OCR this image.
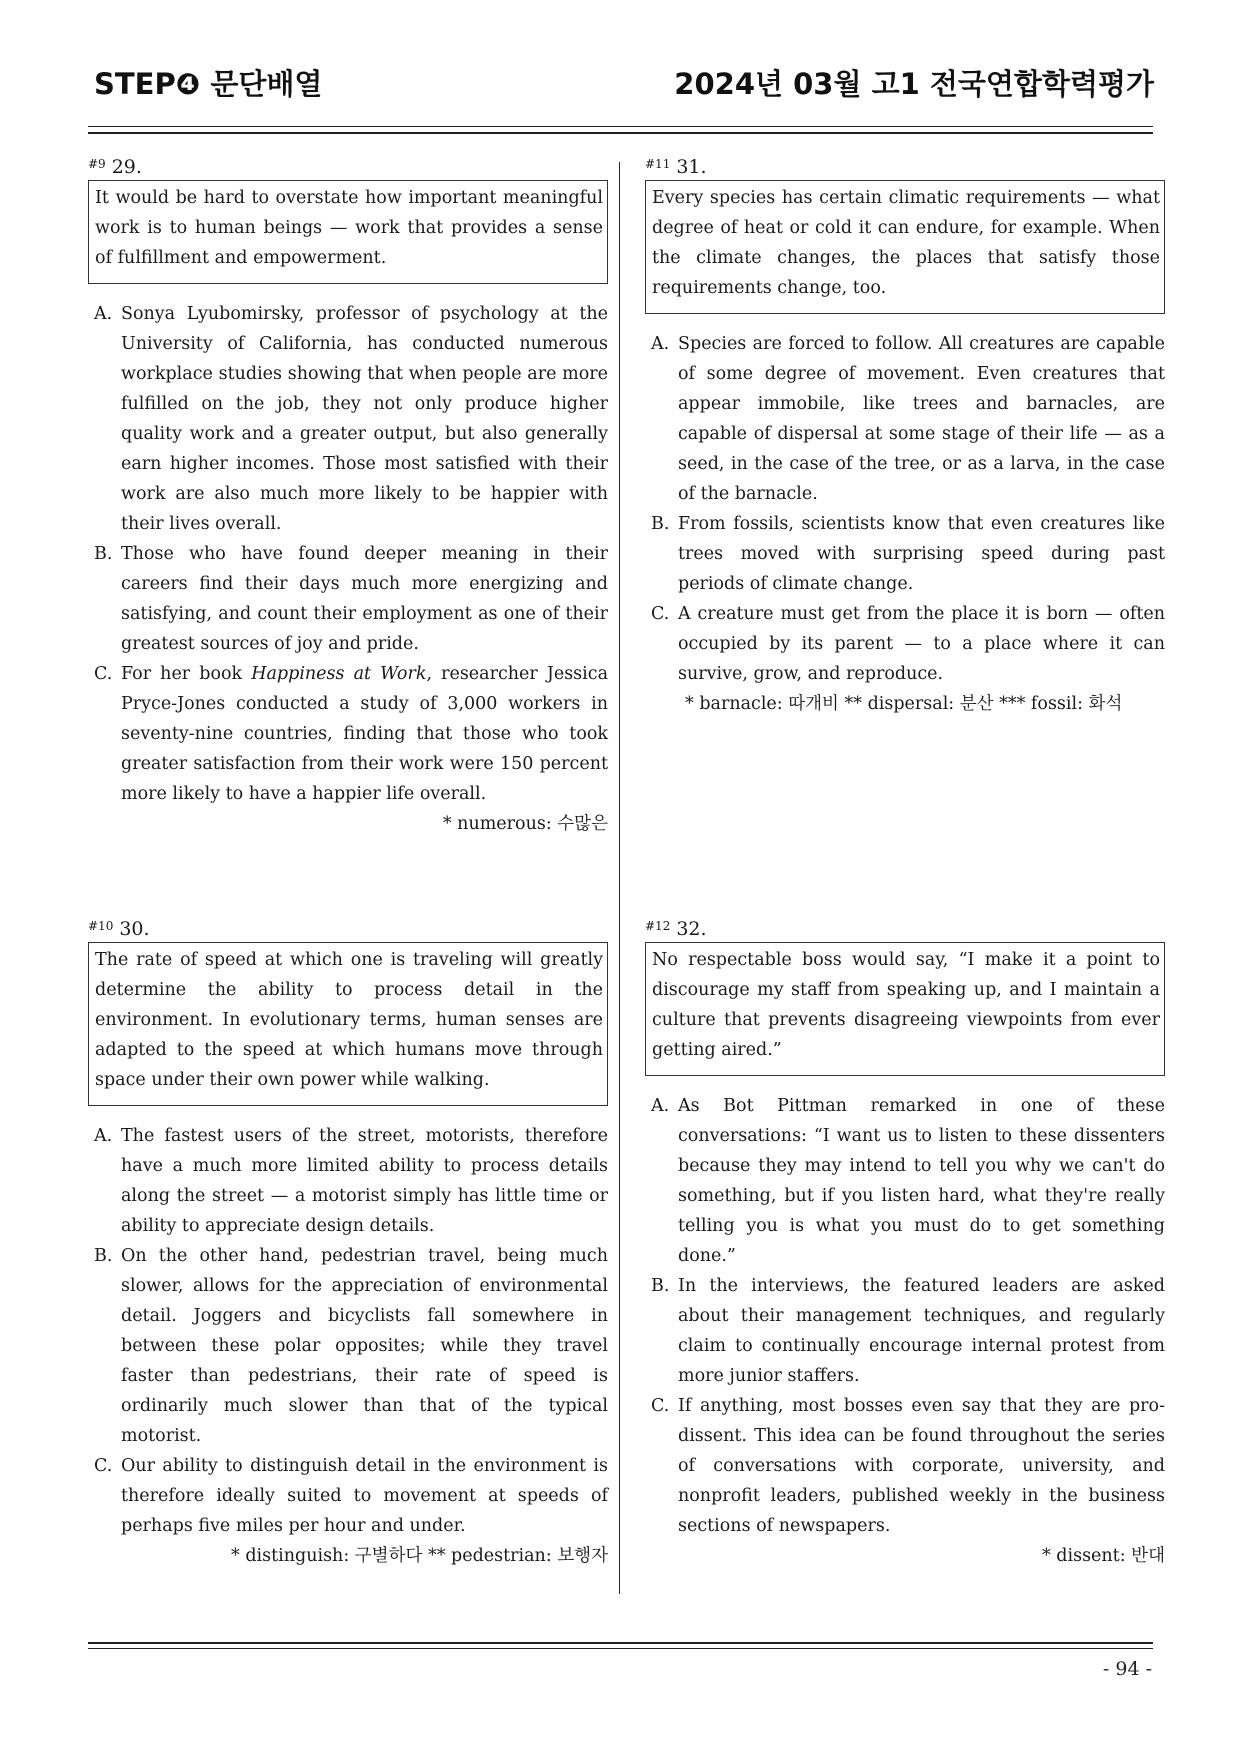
STEP❹ 문단배열	2024년 03월 고1 전국연합학력평가
$^{\#9}$ 29.
It would be hard to overstate how important meaningful work is to human beings — work that provides a sense of fulfillment and empowerment.
A. Sonya Lyubomirsky, professor of psychology at the University of California, has conducted numerous workplace studies showing that when people are more fulfilled on the job, they not only produce higher quality work and a greater output, but also generally earn higher incomes. Those most satisfied with their work are also much more likely to be happier with their lives overall.
B. Those who have found deeper meaning in their careers find their days much more energizing and satisfying, and count their employment as one of their greatest sources of joy and pride.
C. For her book Happiness at Work, researcher Jessica Pryce-Jones conducted a study of 3,000 workers in seventy-nine countries, finding that those who took greater satisfaction from their work were 150 percent more likely to have a happier life overall.
* numerous: 수많은
$^{\#10}$ 30.
The rate of speed at which one is traveling will greatly determine the ability to process detail in the environment. In evolutionary terms, human senses are adapted to the speed at which humans move through space under their own power while walking.
A. The fastest users of the street, motorists, therefore have a much more limited ability to process details along the street — a motorist simply has little time or ability to appreciate design details.
B. On the other hand, pedestrian travel, being much slower, allows for the appreciation of environmental detail. Joggers and bicyclists fall somewhere in between these polar opposites; while they travel faster than pedestrians, their rate of speed is ordinarily much slower than that of the typical motorist.
C. Our ability to distinguish detail in the environment is therefore ideally suited to movement at speeds of perhaps five miles per hour and under.
* distinguish: 구별하다 ** pedestrian: 보행자
$^{\#11}$ 31.
Every species has certain climatic requirements — what degree of heat or cold it can endure, for example. When the climate changes, the places that satisfy those requirements change, too.
A. Species are forced to follow. All creatures are capable of some degree of movement. Even creatures that appear immobile, like trees and barnacles, are capable of dispersal at some stage of their life — as a seed, in the case of the tree, or as a larva, in the case of the barnacle.
B. From fossils, scientists know that even creatures like trees moved with surprising speed during past periods of climate change.
C. A creature must get from the place it is born — often occupied by its parent — to a place where it can survive, grow, and reproduce.
* barnacle: 따개비 ** dispersal: 분산 *** fossil: 화석
$^{\#12}$ 32.
No respectable boss would say, “I make it a point to discourage my staff from speaking up, and I maintain a culture that prevents disagreeing viewpoints from ever getting aired.”
A. As Bot Pittman remarked in one of these conversations: “I want us to listen to these dissenters because they may intend to tell you why we can't do something, but if you listen hard, what they're really telling you is what you must do to get something done.”
B. In the interviews, the featured leaders are asked about their management techniques, and regularly claim to continually encourage internal protest from more junior staffers.
C. If anything, most bosses even say that they are pro-dissent. This idea can be found throughout the series of conversations with corporate, university, and nonprofit leaders, published weekly in the business sections of newspapers.
* dissent: 반대
- 94 -
